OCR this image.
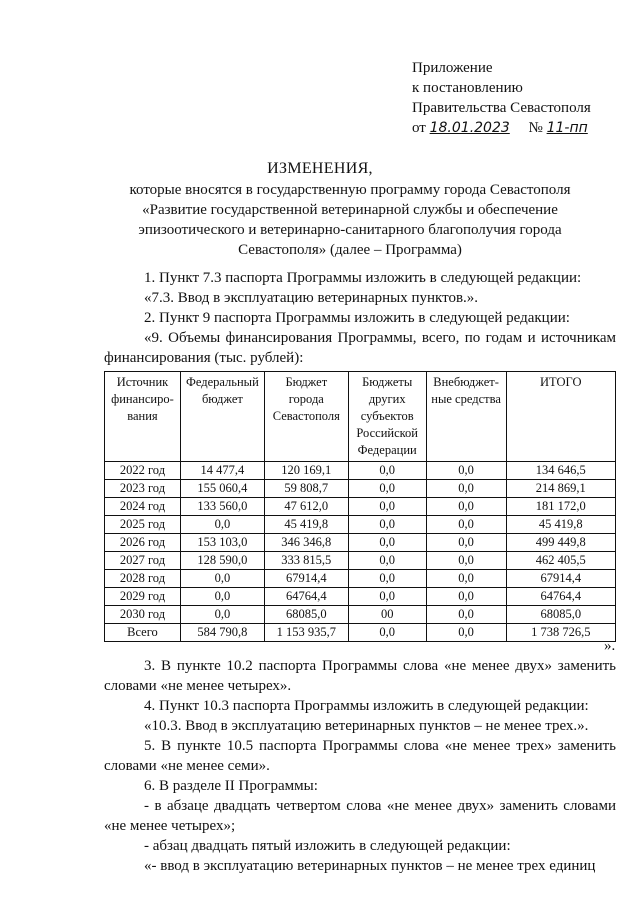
Приложение
к постановлению
Правительства Севастополя
от 18.01.2023 № 11-пп
ИЗМЕНЕНИЯ,
которые вносятся в государственную программу города Севастополя
«Развитие государственной ветеринарной службы и обеспечение
эпизоотического и ветеринарно-санитарного благополучия города
Севастополя» (далее – Программа)
1. Пункт 7.3 паспорта Программы изложить в следующей редакции:
«7.3. Ввод в эксплуатацию ветеринарных пунктов.».
2. Пункт 9 паспорта Программы изложить в следующей редакции:
«9. Объемы финансирования Программы, всего, по годам и источникам финансирования (тыс. рублей):
Источник финансиро-вания	Федеральный бюджет	Бюджет города Севастополя	Бюджеты других субъектов Российской Федерации	Внебюджет-ные средства	ИТОГО
2022 год	14 477,4	120 169,1	0,0	0,0	134 646,5
2023 год	155 060,4	59 808,7	0,0	0,0	214 869,1
2024 год	133 560,0	47 612,0	0,0	0,0	181 172,0
2025 год	0,0	45 419,8	0,0	0,0	45 419,8
2026 год	153 103,0	346 346,8	0,0	0,0	499 449,8
2027 год	128 590,0	333 815,5	0,0	0,0	462 405,5
2028 год	0,0	67914,4	0,0	0,0	67914,4
2029 год	0,0	64764,4	0,0	0,0	64764,4
2030 год	0,0	68085,0	00	0,0	68085,0
Всего	584 790,8	1 153 935,7	0,0	0,0	1 738 726,5
».
3. В пункте 10.2 паспорта Программы слова «не менее двух» заменить словами «не менее четырех».
4. Пункт 10.3 паспорта Программы изложить в следующей редакции:
«10.3. Ввод в эксплуатацию ветеринарных пунктов – не менее трех.».
5. В пункте 10.5 паспорта Программы слова «не менее трех» заменить словами «не менее семи».
6. В разделе II Программы:
- в абзаце двадцать четвертом слова «не менее двух» заменить словами «не менее четырех»;
- абзац двадцать пятый изложить в следующей редакции:
«- ввод в эксплуатацию ветеринарных пунктов – не менее трех единиц
